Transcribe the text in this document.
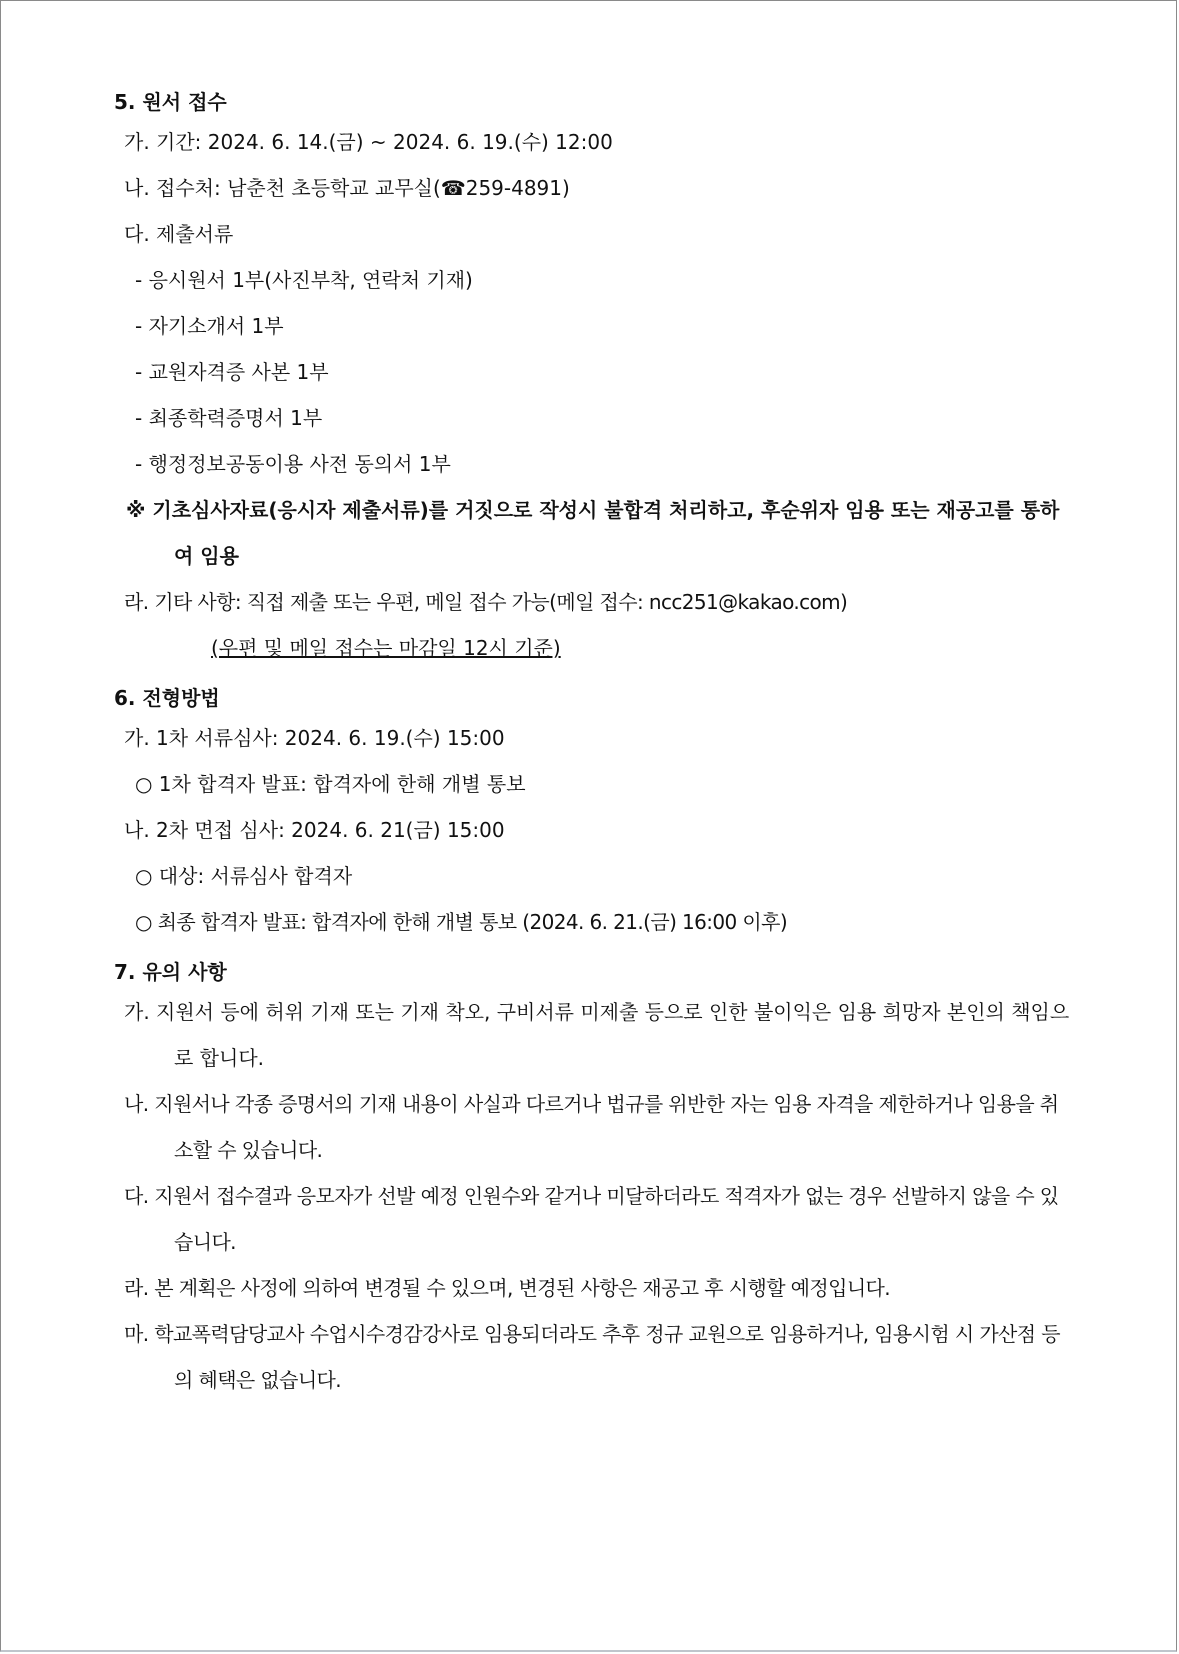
5. 원서 접수
가. 기간: 2024. 6. 14.(금) ~ 2024. 6. 19.(수) 12:00
나. 접수처: 남춘천 초등학교 교무실(☎259-4891)
다. 제출서류
- 응시원서 1부(사진부착, 연락처 기재)
- 자기소개서 1부
- 교원자격증 사본 1부
- 최종학력증명서 1부
- 행정정보공동이용 사전 동의서 1부
※ 기초심사자료(응시자 제출서류)를 거짓으로 작성시 불합격 처리하고, 후순위자 임용 또는 재공고를 통하여 임용
라. 기타 사항: 직접 제출 또는 우편, 메일 접수 가능(메일 접수: ncc251@kakao.com)
(우편 및 메일 접수는 마감일 12시 기준)
6. 전형방법
가. 1차 서류심사: 2024. 6. 19.(수) 15:00
○ 1차 합격자 발표: 합격자에 한해 개별 통보
나. 2차 면접 심사: 2024. 6. 21(금) 15:00
○ 대상: 서류심사 합격자
○ 최종 합격자 발표: 합격자에 한해 개별 통보 (2024. 6. 21.(금) 16:00 이후)
7. 유의 사항
가. 지원서 등에 허위 기재 또는 기재 착오, 구비서류 미제출 등으로 인한 불이익은 임용 희망자 본인의 책임으로 합니다.
나. 지원서나 각종 증명서의 기재 내용이 사실과 다르거나 법규를 위반한 자는 임용 자격을 제한하거나 임용을 취소할 수 있습니다.
다. 지원서 접수결과 응모자가 선발 예정 인원수와 같거나 미달하더라도 적격자가 없는 경우 선발하지 않을 수 있습니다.
라. 본 계획은 사정에 의하여 변경될 수 있으며, 변경된 사항은 재공고 후 시행할 예정입니다.
마. 학교폭력담당교사 수업시수경감강사로 임용되더라도 추후 정규 교원으로 임용하거나, 임용시험 시 가산점 등의 혜택은 없습니다.
